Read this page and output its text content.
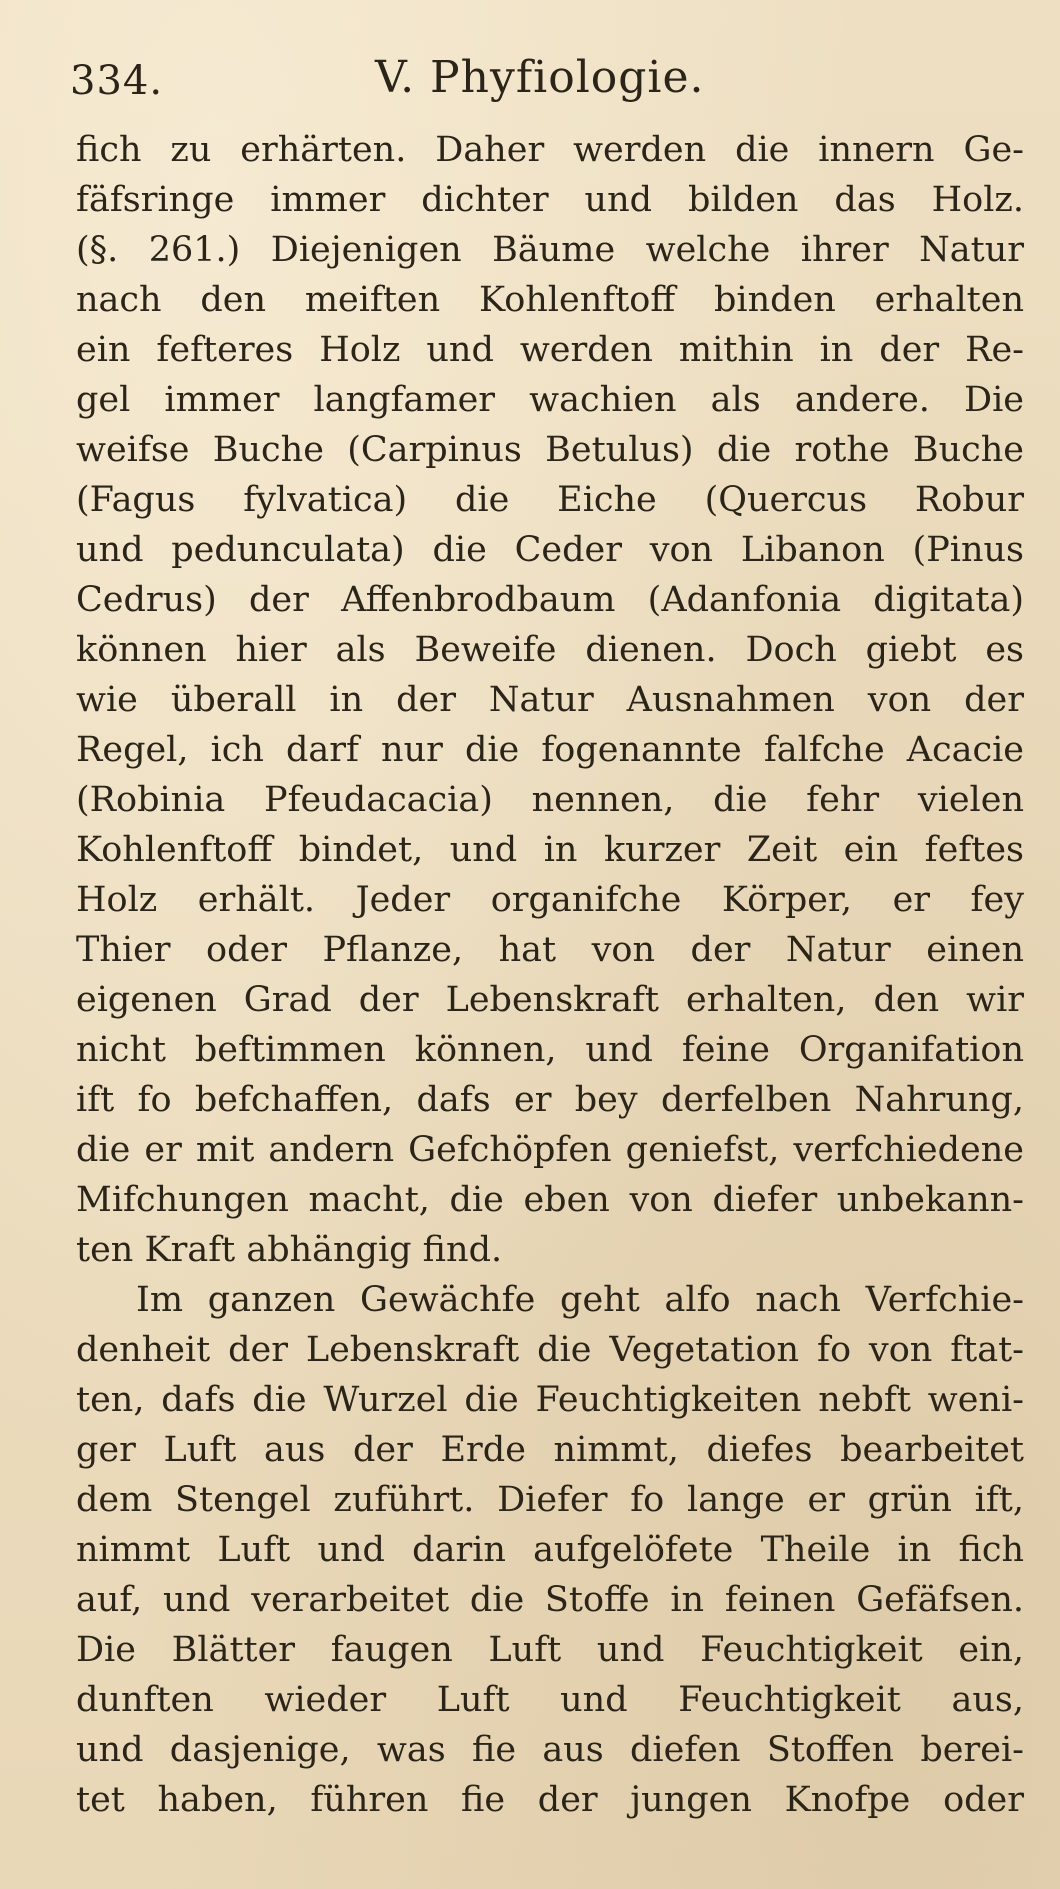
334.	V. Phyfiologie.
fich zu erhärten. Daher werden die innern Ge-
fäfsringe immer dichter und bilden das Holz.
(§. 261.) Diejenigen Bäume welche ihrer Natur
nach den meiften Kohlenftoff binden erhalten
ein fefteres Holz und werden mithin in der Re-
gel immer langfamer wachien als andere. Die
weifse Buche (Carpinus Betulus) die rothe Buche
(Fagus fylvatica) die Eiche (Quercus Robur
und pedunculata) die Ceder von Libanon (Pinus
Cedrus) der Affenbrodbaum (Adanfonia digitata)
können hier als Beweife dienen. Doch giebt es
wie überall in der Natur Ausnahmen von der
Regel, ich darf nur die fogenannte falfche Acacie
(Robinia Pfeudacacia) nennen, die fehr vielen
Kohlenftoff bindet, und in kurzer Zeit ein feftes
Holz erhält. Jeder organifche Körper, er fey
Thier oder Pflanze, hat von der Natur einen
eigenen Grad der Lebenskraft erhalten, den wir
nicht beftimmen können, und feine Organifation
ift fo befchaffen, dafs er bey derfelben Nahrung,
die er mit andern Gefchöpfen geniefst, verfchiedene
Mifchungen macht, die eben von diefer unbekann-
ten Kraft abhängig find.
Im ganzen Gewächfe geht alfo nach Verfchie-
denheit der Lebenskraft die Vegetation fo von ftat-
ten, dafs die Wurzel die Feuchtigkeiten nebft weni-
ger Luft aus der Erde nimmt, diefes bearbeitet
dem Stengel zuführt. Diefer fo lange er grün ift,
nimmt Luft und darin aufgelöfete Theile in fich
auf, und verarbeitet die Stoffe in feinen Gefäfsen.
Die Blätter faugen Luft und Feuchtigkeit ein,
dunften wieder Luft und Feuchtigkeit aus,
und dasjenige, was fie aus diefen Stoffen berei-
tet haben, führen fie der jungen Knofpe oder
